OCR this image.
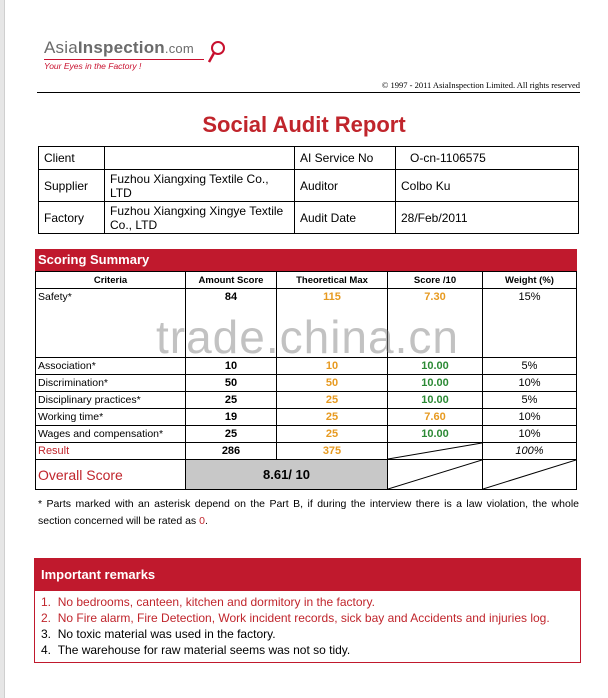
AsiaInspection.com
Your Eyes in the Factory !
© 1997 - 2011 AsiaInspection Limited. All rights reserved
Social Audit Report
Client		AI Service No	O-cn-1106575
Supplier	Fuzhou Xiangxing Textile Co., LTD	Auditor	Colbo Ku
Factory	Fuzhou Xiangxing Xingye Textile Co., LTD	Audit Date	28/Feb/2011
Scoring Summary
Criteria	Amount Score	Theoretical Max	Score /10	Weight (%)
Safety*	84	115	7.30	15%

Association*	10	10	10.00	5%
Discrimination*	50	50	10.00	10%
Disciplinary practices*	25	25	10.00	5%
Working time*	19	25	7.60	10%
Wages and compensation*	25	25	10.00	10%
Result	286	375		100%
Overall Score	8.61/ 10	

trade.china.cn
* Parts marked with an asterisk depend on the Part B, if during the interview there is a law violation, the whole section concerned will be rated as 0.
Important remarks
1. No bedrooms, canteen, kitchen and dormitory in the factory.
2. No Fire alarm, Fire Detection, Work incident records, sick bay and Accidents and injuries log.
3. No toxic material was used in the factory.
4. The warehouse for raw material seems was not so tidy.
